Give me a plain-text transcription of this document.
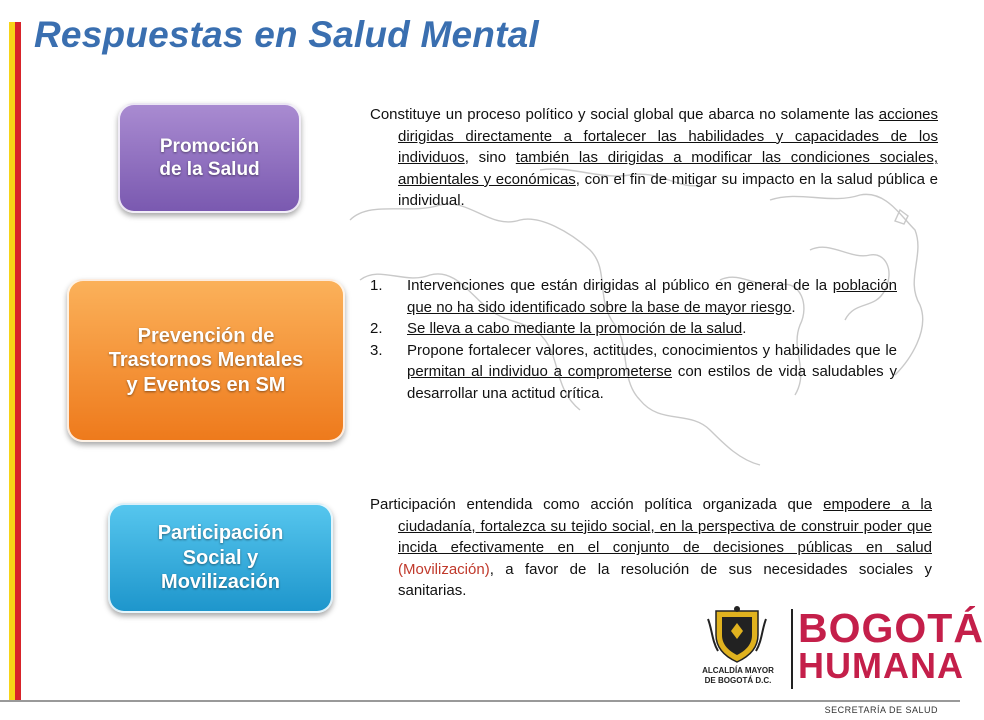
Respuestas en Salud Mental
Promoción
de la Salud
Prevención de
Trastornos Mentales
y Eventos en SM
Participación
Social y
Movilización
Constituye un proceso político y social global que abarca no solamente las acciones dirigidas directamente a fortalecer las habilidades y capacidades de los individuos, sino también las dirigidas a modificar las condiciones sociales, ambientales y económicas, con el fin de mitigar su impacto en la salud pública e individual.
1.	Intervenciones que están dirigidas al público en general de la población que no ha sido identificado sobre la base de mayor riesgo.
2.	Se lleva a cabo mediante la promoción de la salud.
3.	Propone fortalecer valores, actitudes, conocimientos y habilidades que le permitan al individuo a comprometerse con estilos de vida saludables y desarrollar una actitud crítica.
Participación entendida como acción política organizada que empodere a la ciudadanía, fortalezca su tejido social, en la perspectiva de construir poder que incida efectivamente en el conjunto de decisiones públicas en salud (Movilización), a favor de la resolución de sus necesidades sociales y sanitarias.
ALCALDÍA MAYOR
DE BOGOTÁ D.C.
BOGOTÁ
HUMANA
SECRETARÍA DE SALUD
